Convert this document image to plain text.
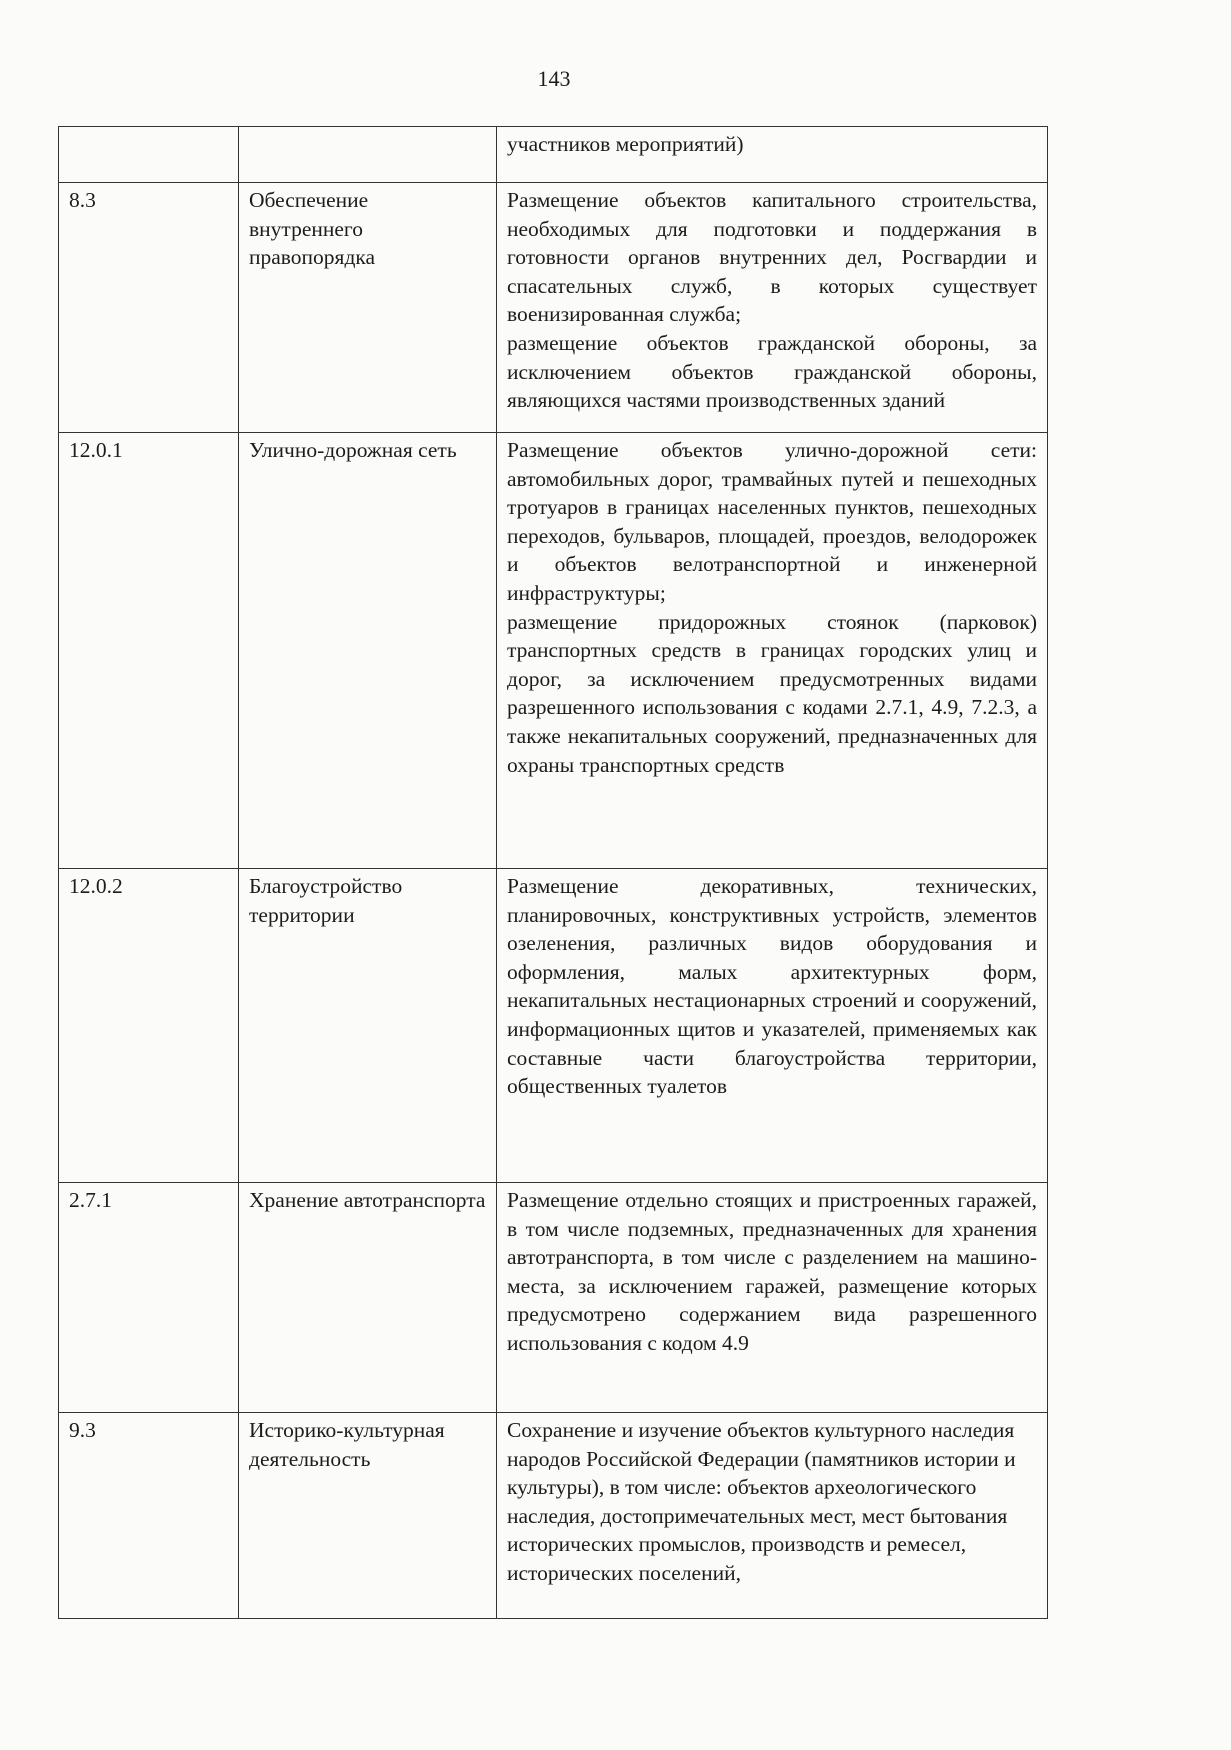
143

		участников мероприятий)

8.3	Обеспечение внутреннего правопорядка	Размещение объектов капитального строительства, необходимых для подготовки и поддержания в готовности органов внутренних дел, Росгвардии и спасательных служб, в которых существует военизированная служба;
размещение объектов гражданской обороны, за исключением объектов гражданской обороны, являющихся частями производственных зданий

12.0.1	Улично-дорожная сеть	Размещение объектов улично-дорожной сети: автомобильных дорог, трамвайных путей и пешеходных тротуаров в границах населенных пунктов, пешеходных переходов, бульваров, площадей, проездов, велодорожек и объектов велотранспортной и инженерной инфраструктуры;
размещение придорожных стоянок (парковок) транспортных средств в границах городских улиц и дорог, за исключением предусмотренных видами разрешенного использования с кодами 2.7.1, 4.9, 7.2.3, а также некапитальных сооружений, предназначенных для охраны транспортных средств

12.0.2	Благоустройство территории	Размещение декоративных, технических, планировочных, конструктивных устройств, элементов озеленения, различных видов оборудования и оформления, малых архитектурных форм, некапитальных нестационарных строений и сооружений, информационных щитов и указателей, применяемых как составные части благоустройства территории, общественных туалетов

2.7.1	Хранение автотранспорта	Размещение отдельно стоящих и пристроенных гаражей, в том числе подземных, предназначенных для хранения автотранспорта, в том числе с разделением на машино-места, за исключением гаражей, размещение которых предусмотрено содержанием вида разрешенного использования с кодом 4.9

9.3	Историко-культурная деятельность	Сохранение и изучение объектов культурного наследия народов Российской Федерации (памятников истории и культуры), в том числе: объектов археологического наследия, достопримечательных мест, мест бытования исторических промыслов, производств и ремесел, исторических поселений,
